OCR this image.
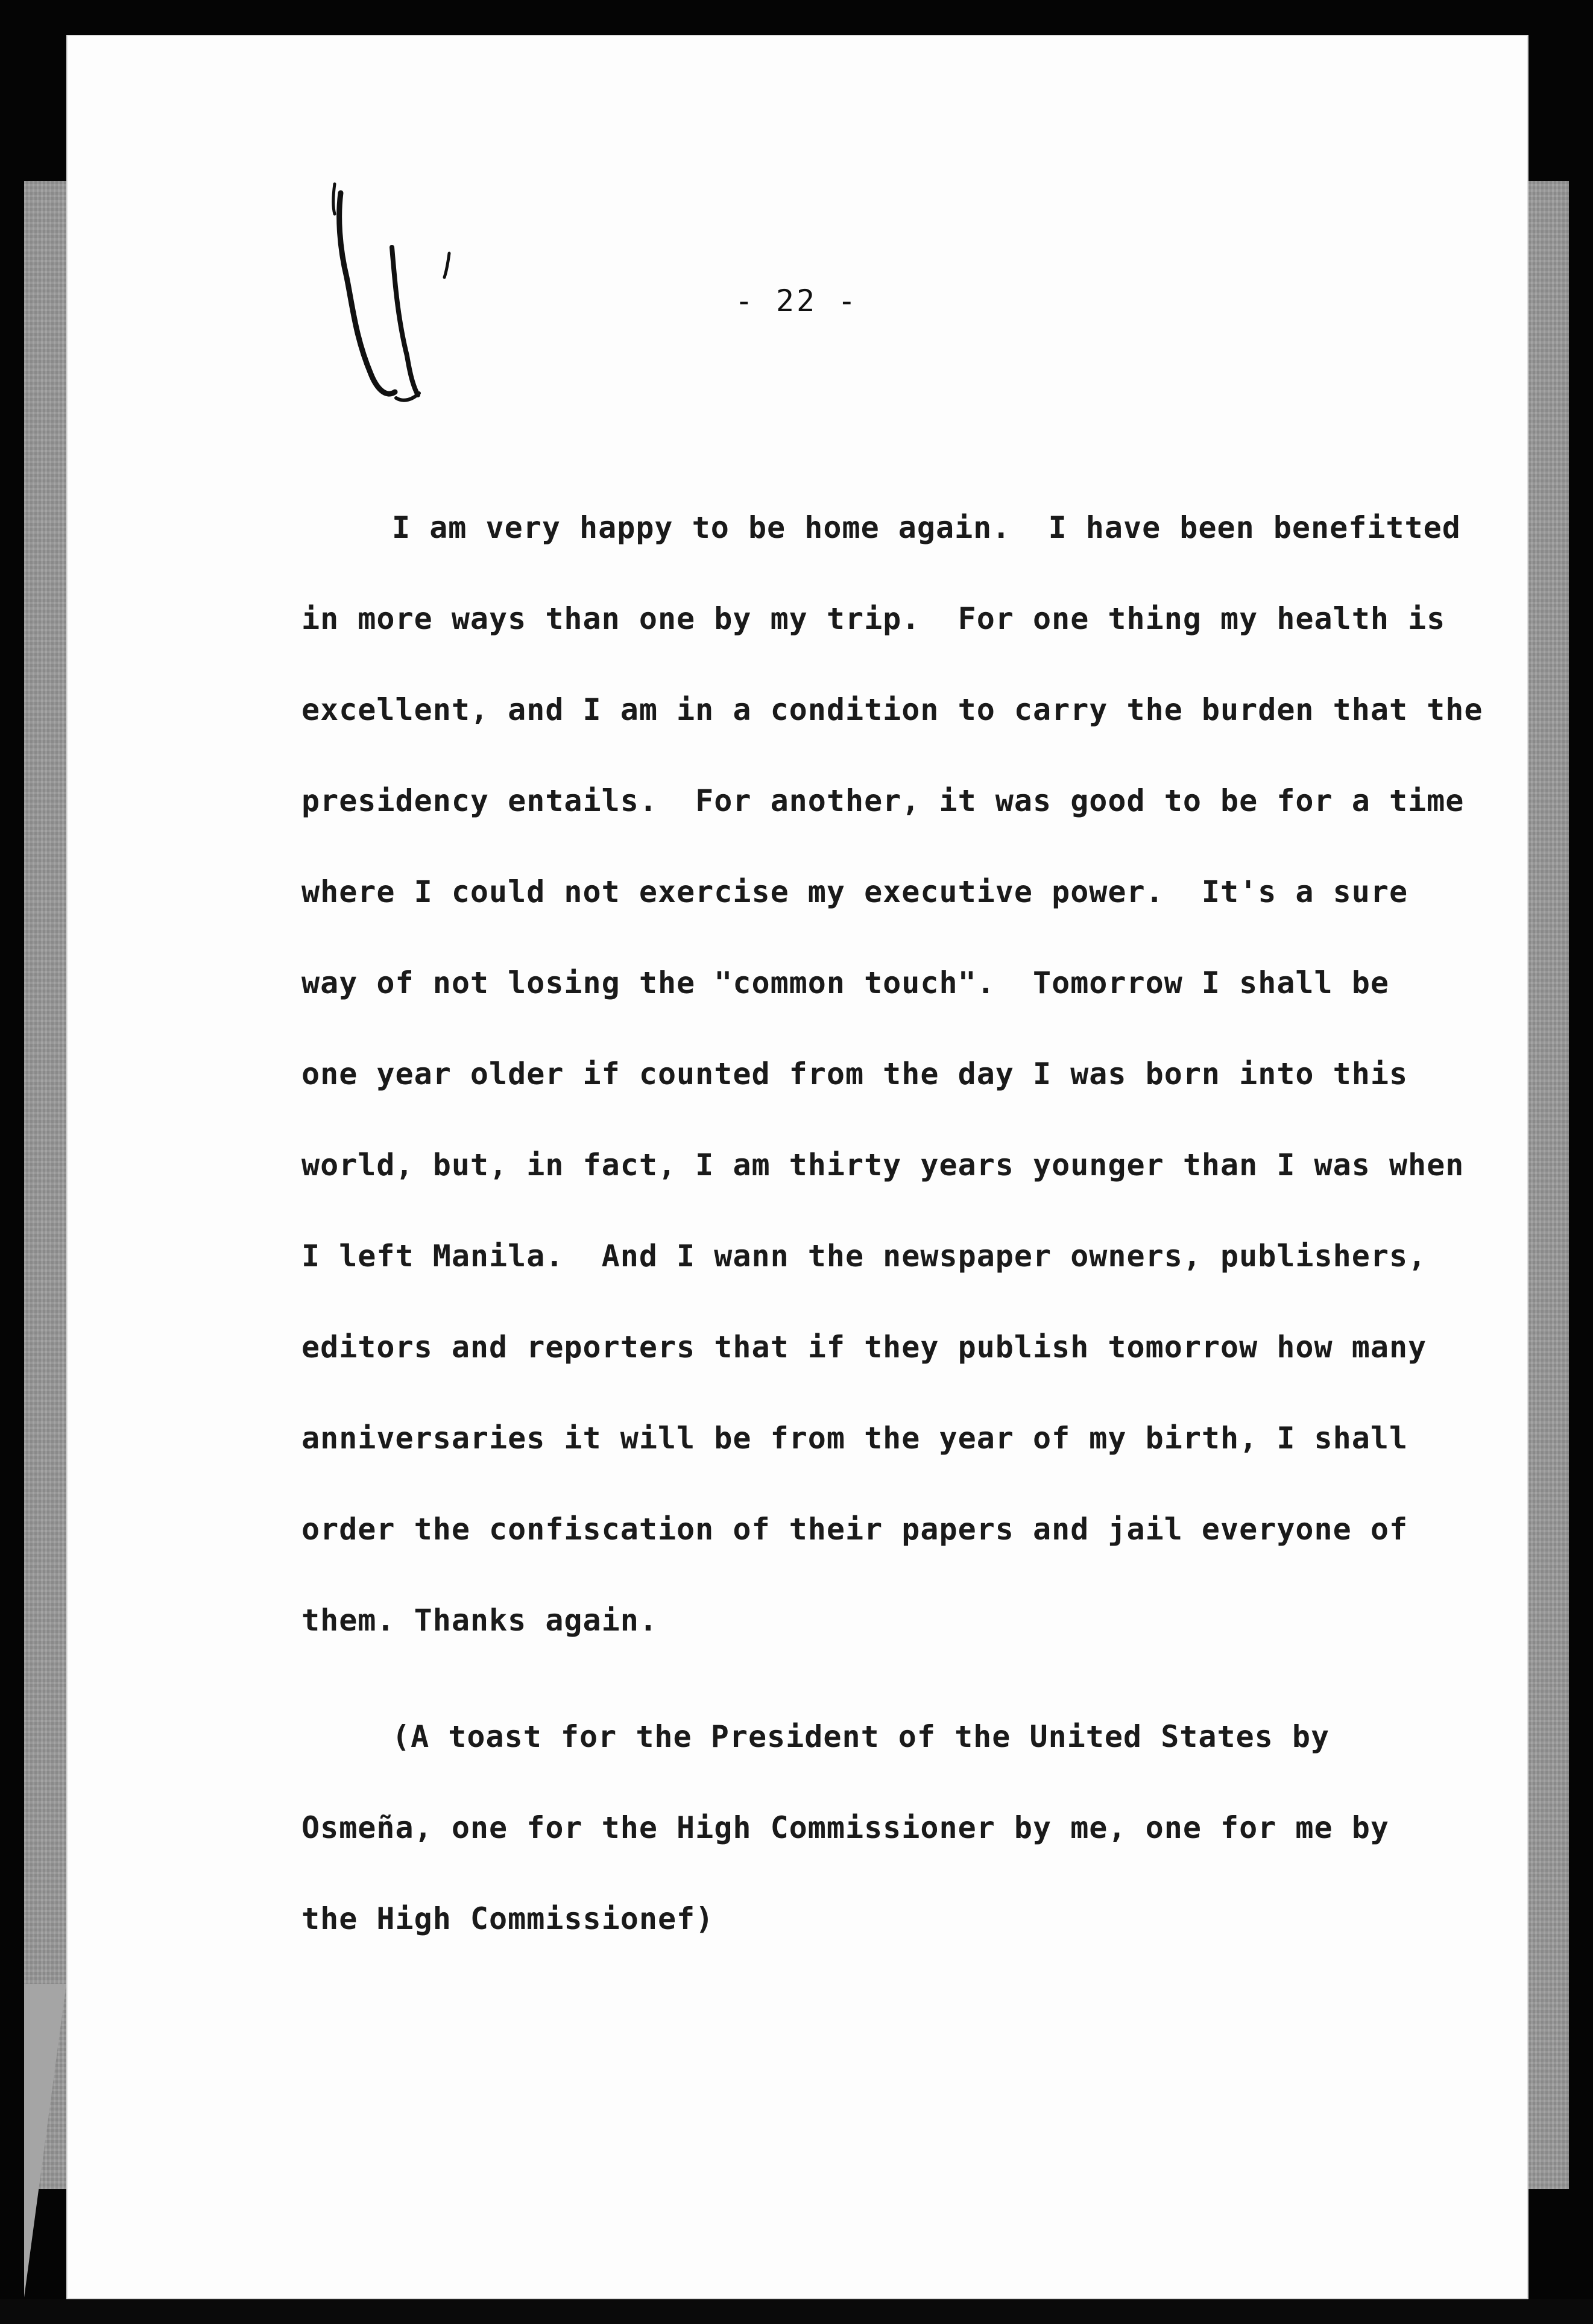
- 22 -
I am very happy to be home again.  I have been benefitted
in more ways than one by my trip.  For one thing my health is
excellent, and I am in a condition to carry the burden that the
presidency entails.  For another, it was good to be for a time
where I could not exercise my executive power.  It's a sure
way of not losing the "common touch".  Tomorrow I shall be
one year older if counted from the day I was born into this
world, but, in fact, I am thirty years younger than I was when
I left Manila.  And I wann the newspaper owners, publishers,
editors and reporters that if they publish tomorrow how many
anniversaries it will be from the year of my birth, I shall
order the confiscation of their papers and jail everyone of
them. Thanks again.
(A toast for the President of the United States by
Osmeña, one for the High Commissioner by me, one for me by
the High Commissionef)
